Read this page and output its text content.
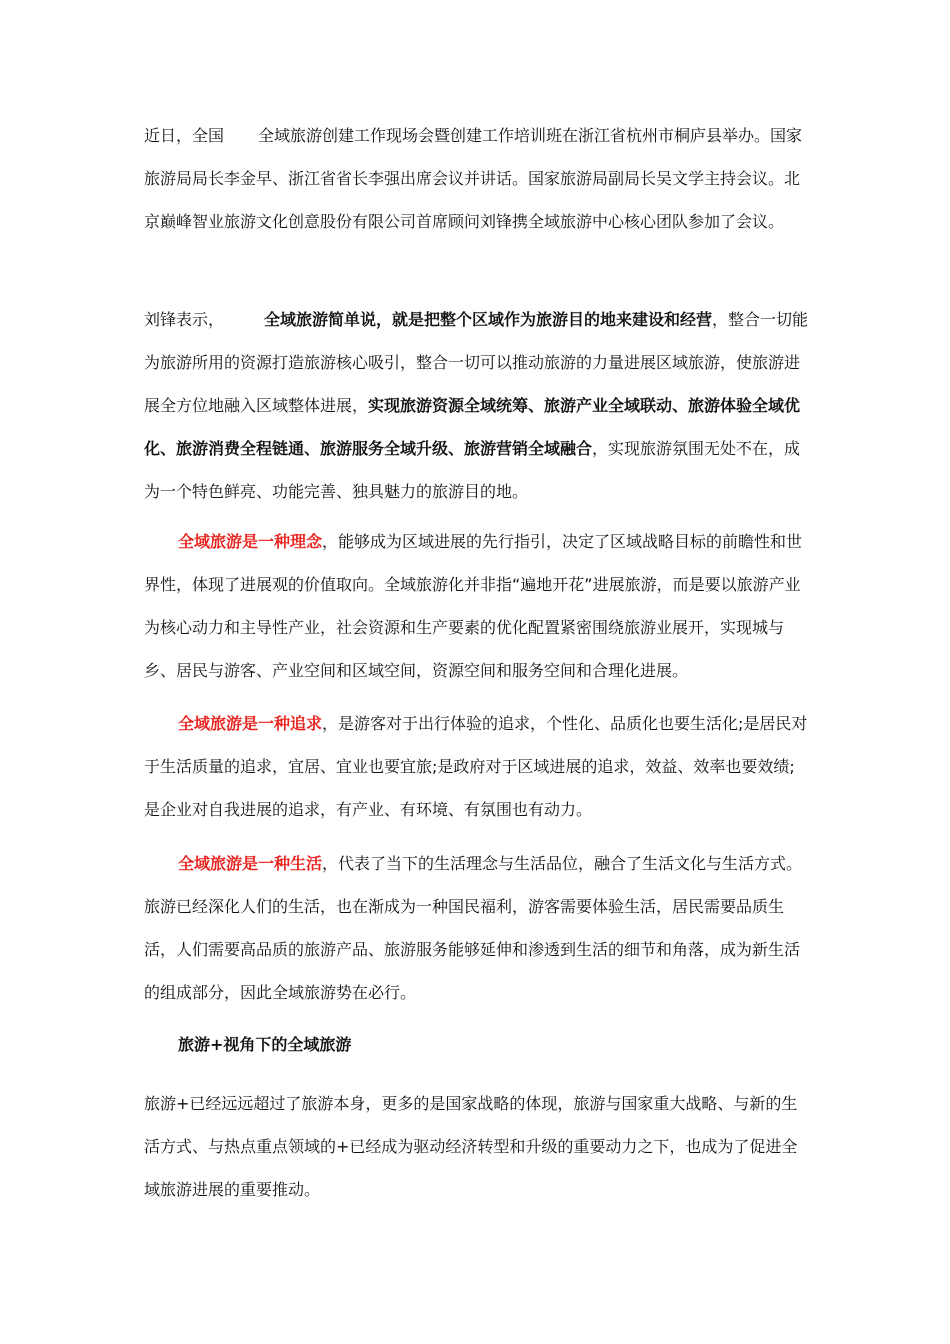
近日，全国 全域旅游创建工作现场会暨创建工作培训班在浙江省杭州市桐庐县举办。国家旅游局局长李金早、浙江省省长李强出席会议并讲话。国家旅游局副局长吴文学主持会议。北京巅峰智业旅游文化创意股份有限公司首席顾问刘锋携全域旅游中心核心团队参加了会议。

刘锋表示，	全域旅游简单说，就是把整个区域作为旅游目的地来建设和经营，整合一切能为旅游所用的资源打造旅游核心吸引，整合一切可以推动旅游的力量进展区域旅游，使旅游进展全方位地融入区域整体进展，实现旅游资源全域统筹、旅游产业全域联动、旅游体验全域优化、旅游消费全程链通、旅游服务全域升级、旅游营销全域融合，实现旅游氛围无处不在，成为一个特色鲜亮、功能完善、独具魅力的旅游目的地。

全域旅游是一种理念，能够成为区域进展的先行指引，决定了区域战略目标的前瞻性和世界性，体现了进展观的价值取向。全域旅游化并非指“遍地开花”进展旅游，而是要以旅游产业为核心动力和主导性产业，社会资源和生产要素的优化配置紧密围绕旅游业展开，实现城与乡、居民与游客、产业空间和区域空间，资源空间和服务空间和合理化进展。

全域旅游是一种追求，是游客对于出行体验的追求，个性化、品质化也要生活化;是居民对于生活质量的追求，宜居、宜业也要宜旅;是政府对于区域进展的追求，效益、效率也要效绩;是企业对自我进展的追求，有产业、有环境、有氛围也有动力。

全域旅游是一种生活，代表了当下的生活理念与生活品位，融合了生活文化与生活方式。旅游已经深化人们的生活，也在渐成为一种国民福利，游客需要体验生活，居民需要品质生活，人们需要高品质的旅游产品、旅游服务能够延伸和渗透到生活的细节和角落，成为新生活的组成部分，因此全域旅游势在必行。

旅游+视角下的全域旅游

旅游+已经远远超过了旅游本身，更多的是国家战略的体现，旅游与国家重大战略、与新的生活方式、与热点重点领域的+已经成为驱动经济转型和升级的重要动力之下，也成为了促进全域旅游进展的重要推动。
